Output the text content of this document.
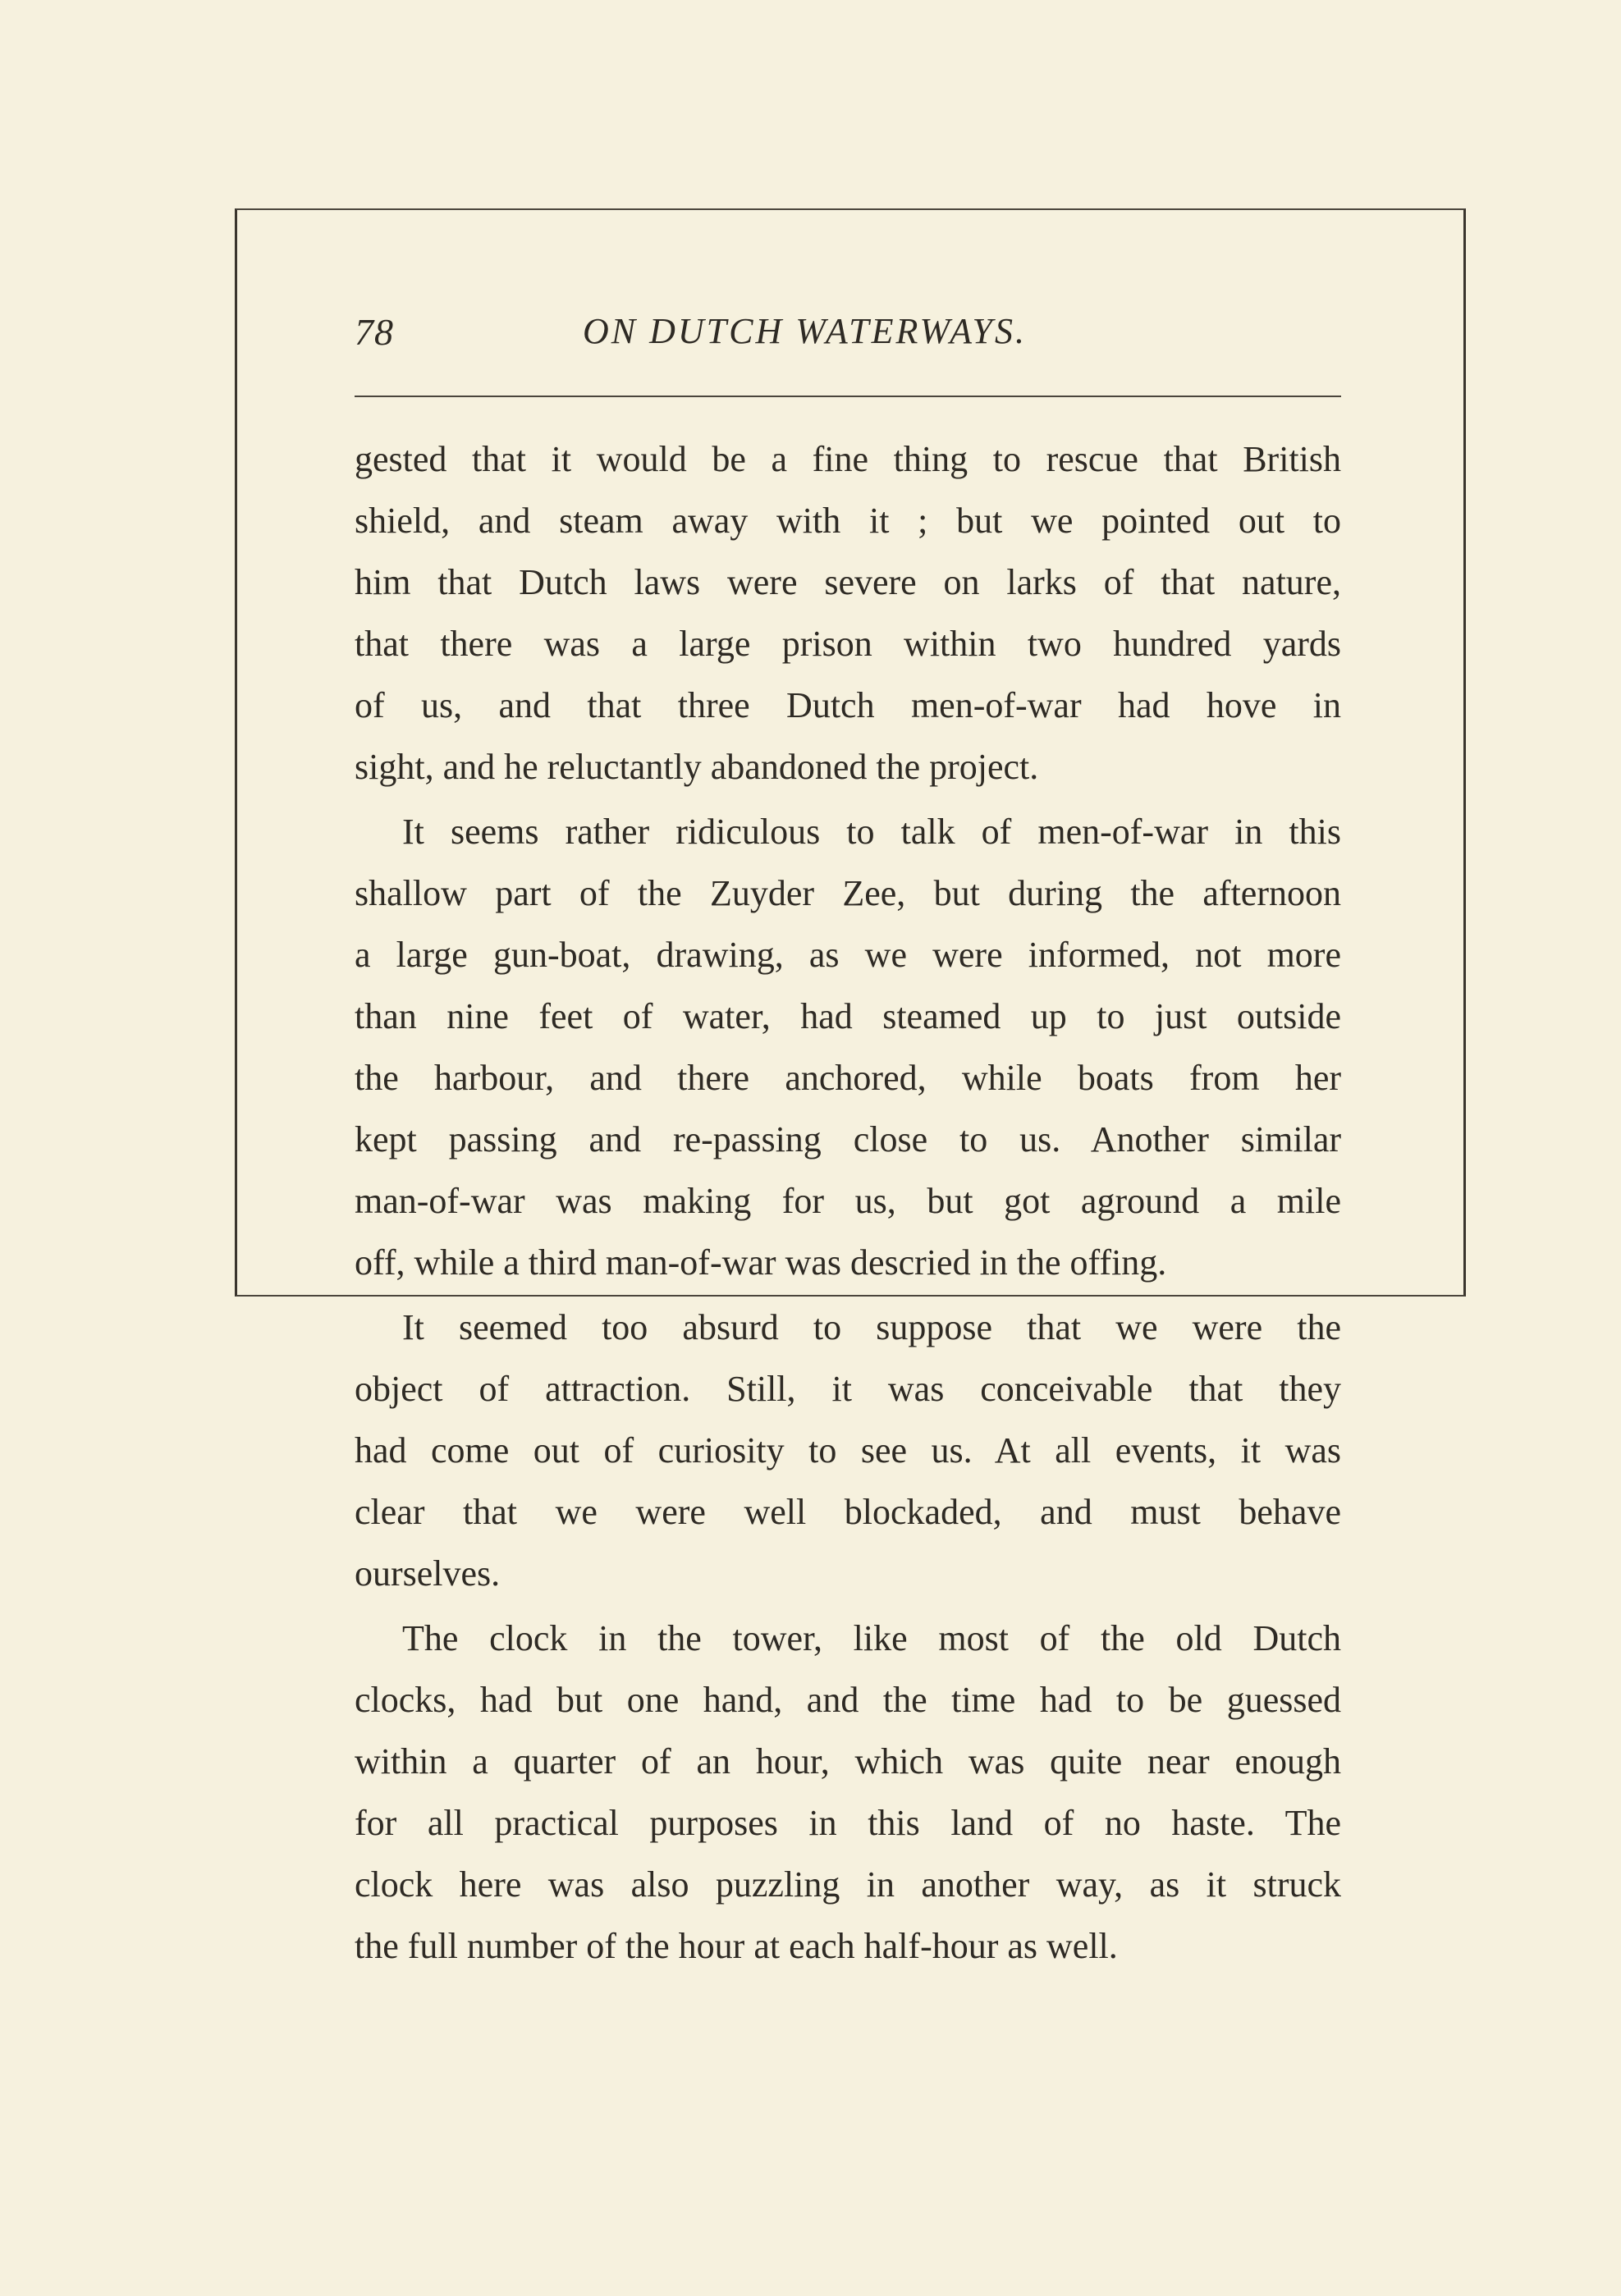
78	ON DUTCH WATERWAYS.
gested that it would be a fine thing to rescue that British
shield, and steam away with it ; but we pointed out to
him that Dutch laws were severe on larks of that nature,
that there was a large prison within two hundred yards
of us, and that three Dutch men-of-war had hove in
sight, and he reluctantly abandoned the project.
It seems rather ridiculous to talk of men-of-war in this
shallow part of the Zuyder Zee, but during the afternoon
a large gun-boat, drawing, as we were informed, not more
than nine feet of water, had steamed up to just outside
the harbour, and there anchored, while boats from her
kept passing and re-passing close to us. Another similar
man-of-war was making for us, but got aground a mile
off, while a third man-of-war was descried in the offing.
It seemed too absurd to suppose that we were the
object of attraction. Still, it was conceivable that they
had come out of curiosity to see us. At all events, it was
clear that we were well blockaded, and must behave
ourselves.
The clock in the tower, like most of the old Dutch
clocks, had but one hand, and the time had to be guessed
within a quarter of an hour, which was quite near enough
for all practical purposes in this land of no haste. The
clock here was also puzzling in another way, as it struck
the full number of the hour at each half-hour as well.
